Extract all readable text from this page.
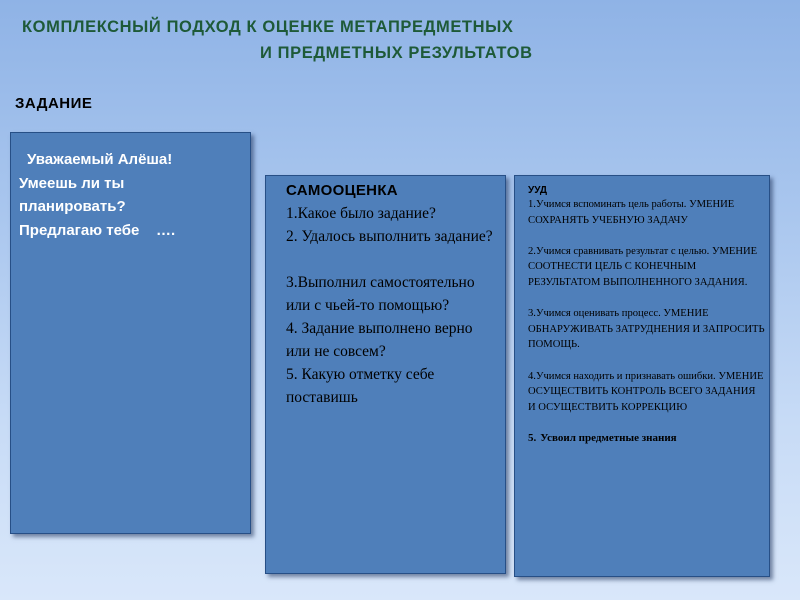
КОМПЛЕКСНЫЙ ПОДХОД К ОЦЕНКЕ МЕТАПРЕДМЕТНЫХ
И ПРЕДМЕТНЫХ РЕЗУЛЬТАТОВ
ЗАДАНИЕ

Уважаемый Алёша!

Умеешь ли ты

планировать?

Предлагаю тебе    ….

САМООЦЕНКА

1.Какое было задание?

2. Удалось выполнить задание?

3.Выполнил самостоятельно или с чьей-то помощью?

4. Задание выполнено верно или не совсем?

5. Какую отметку себе поставишь

УУД

1.Учимся вспоминать цель работы. УМЕНИЕ СОХРАНЯТЬ УЧЕБНУЮ ЗАДАЧУ

2.Учимся сравнивать результат с целью. УМЕНИЕ СООТНЕСТИ ЦЕЛЬ С КОНЕЧНЫМ РЕЗУЛЬТАТОМ ВЫПОЛНЕННОГО ЗАДАНИЯ.

3.Учимся оценивать процесс. УМЕНИЕ ОБНАРУЖИВАТЬ ЗАТРУДНЕНИЯ И ЗАПРОСИТЬ ПОМОЩЬ.

4.Учимся находить и признавать ошибки. УМЕНИЕ ОСУЩЕСТВИТЬ КОНТРОЛЬ ВСЕГО ЗАДАНИЯ И ОСУЩЕСТВИТЬ КОРРЕКЦИЮ

5. Усвоил предметные знания
